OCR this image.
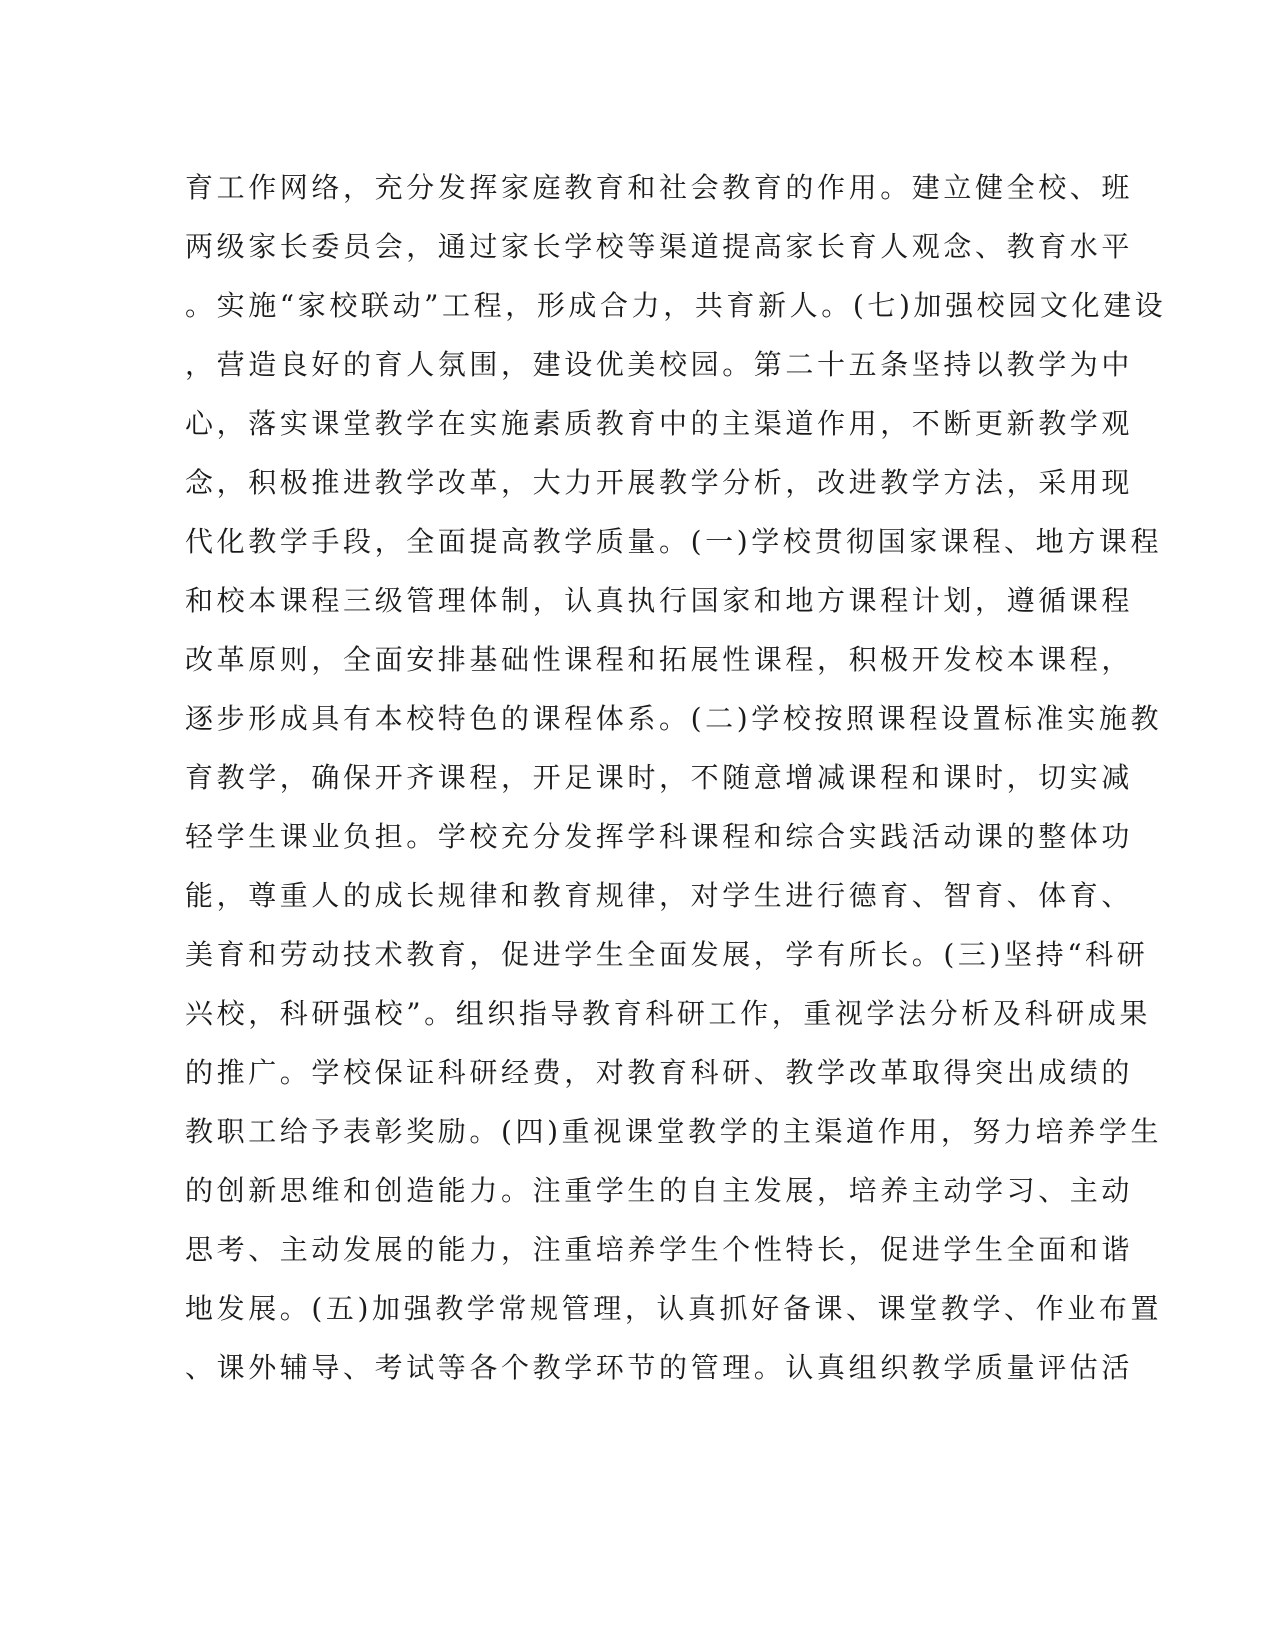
育工作网络，充分发挥家庭教育和社会教育的作用。建立健全校、班

两级家长委员会，通过家长学校等渠道提高家长育人观念、教育水平

。实施“家校联动”工程，形成合力，共育新人。(七)加强校园文化建设

，营造良好的育人氛围，建设优美校园。第二十五条坚持以教学为中

心，落实课堂教学在实施素质教育中的主渠道作用，不断更新教学观

念，积极推进教学改革，大力开展教学分析，改进教学方法，采用现

代化教学手段，全面提高教学质量。(一)学校贯彻国家课程、地方课程

和校本课程三级管理体制，认真执行国家和地方课程计划，遵循课程

改革原则，全面安排基础性课程和拓展性课程，积极开发校本课程，

逐步形成具有本校特色的课程体系。(二)学校按照课程设置标准实施教

育教学，确保开齐课程，开足课时，不随意增减课程和课时，切实减

轻学生课业负担。学校充分发挥学科课程和综合实践活动课的整体功

能，尊重人的成长规律和教育规律，对学生进行德育、智育、体育、

美育和劳动技术教育，促进学生全面发展，学有所长。(三)坚持“科研

兴校，科研强校”。组织指导教育科研工作，重视学法分析及科研成果

的推广。学校保证科研经费，对教育科研、教学改革取得突出成绩的

教职工给予表彰奖励。(四)重视课堂教学的主渠道作用，努力培养学生

的创新思维和创造能力。注重学生的自主发展，培养主动学习、主动

思考、主动发展的能力，注重培养学生个性特长，促进学生全面和谐

地发展。(五)加强教学常规管理，认真抓好备课、课堂教学、作业布置

、课外辅导、考试等各个教学环节的管理。认真组织教学质量评估活
